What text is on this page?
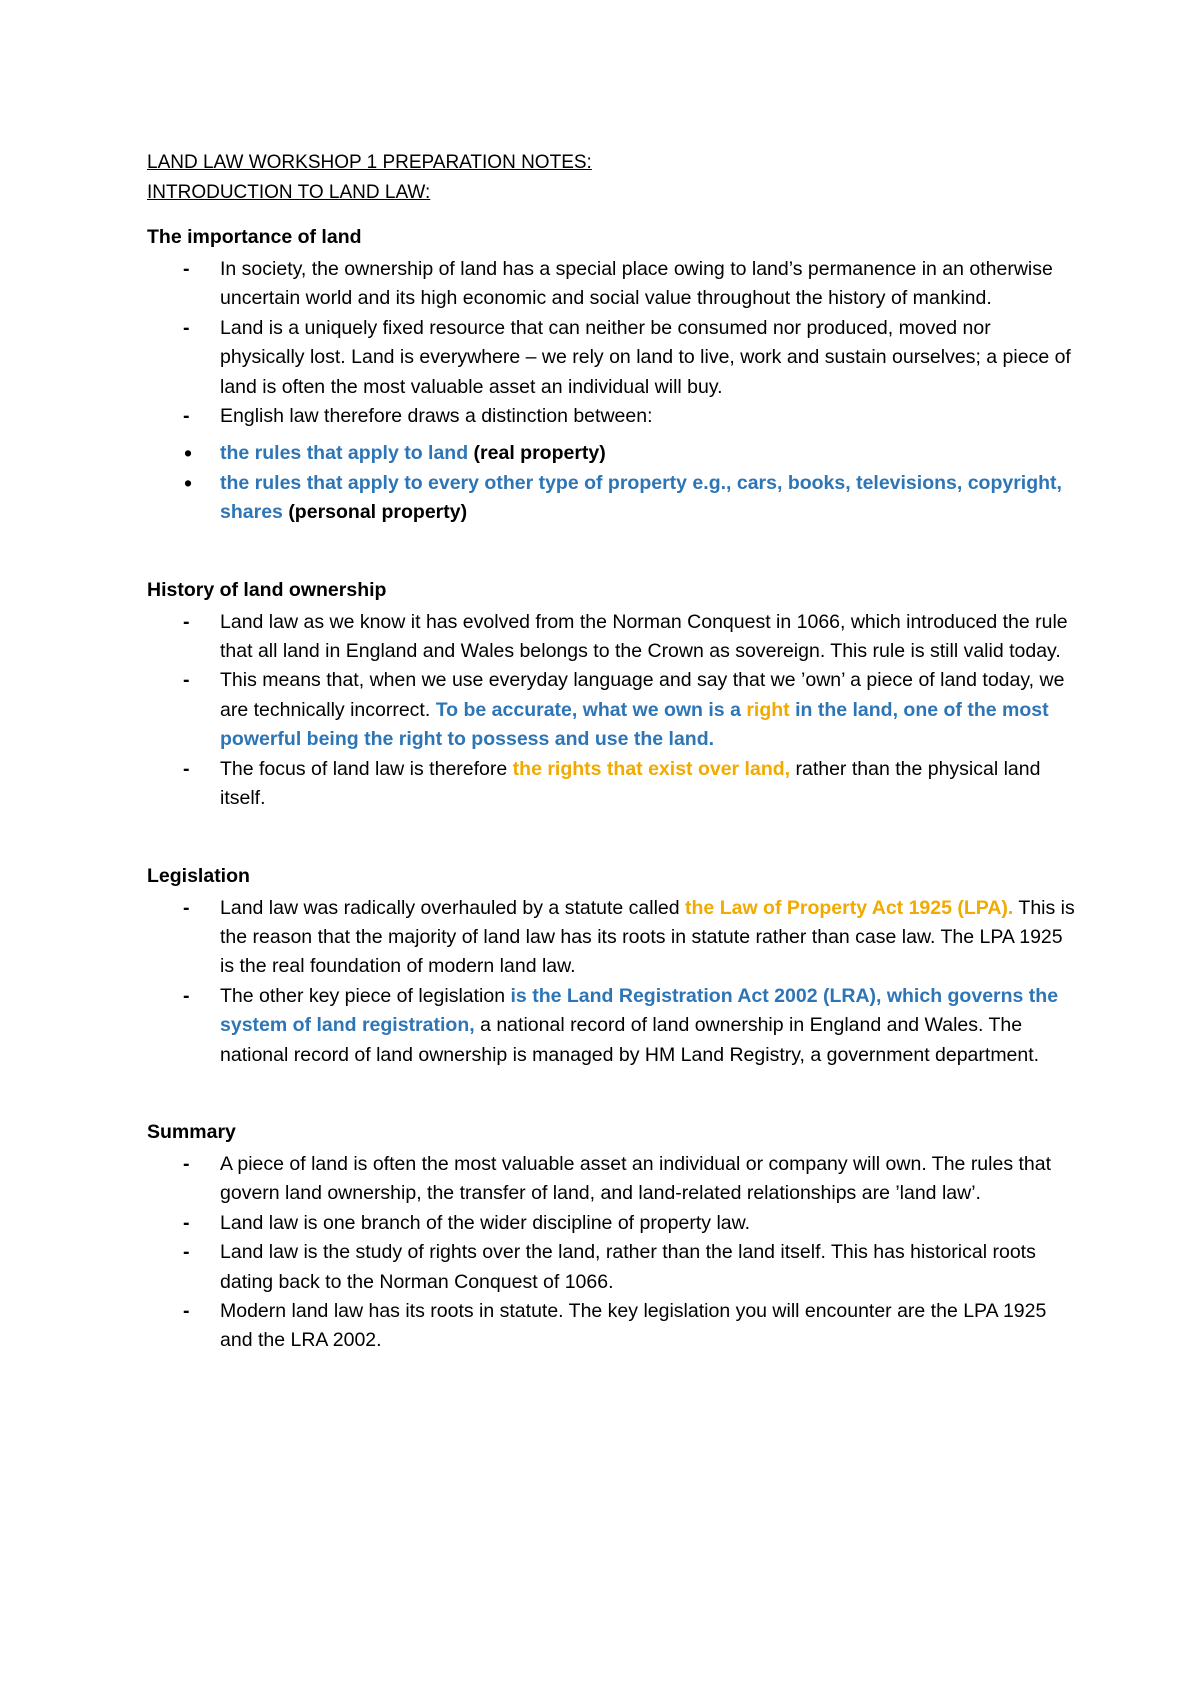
LAND LAW WORKSHOP 1 PREPARATION NOTES:
INTRODUCTION TO LAND LAW:
The importance of land
- In society, the ownership of land has a special place owing to land’s permanence in an otherwise uncertain world and its high economic and social value throughout the history of mankind.
- Land is a uniquely fixed resource that can neither be consumed nor produced, moved nor physically lost. Land is everywhere – we rely on land to live, work and sustain ourselves; a piece of land is often the most valuable asset an individual will buy.
- English law therefore draws a distinction between:
• the rules that apply to land (real property)
• the rules that apply to every other type of property e.g., cars, books, televisions, copyright, shares (personal property)
History of land ownership
- Land law as we know it has evolved from the Norman Conquest in 1066, which introduced the rule that all land in England and Wales belongs to the Crown as sovereign. This rule is still valid today.
- This means that, when we use everyday language and say that we ’own’ a piece of land today, we are technically incorrect. To be accurate, what we own is a right in the land, one of the most powerful being the right to possess and use the land.
- The focus of land law is therefore the rights that exist over land, rather than the physical land itself.
Legislation
- Land law was radically overhauled by a statute called the Law of Property Act 1925 (LPA). This is the reason that the majority of land law has its roots in statute rather than case law. The LPA 1925 is the real foundation of modern land law.
- The other key piece of legislation is the Land Registration Act 2002 (LRA), which governs the system of land registration, a national record of land ownership in England and Wales. The national record of land ownership is managed by HM Land Registry, a government department.
Summary
- A piece of land is often the most valuable asset an individual or company will own. The rules that govern land ownership, the transfer of land, and land-related relationships are ’land law’.
- Land law is one branch of the wider discipline of property law.
- Land law is the study of rights over the land, rather than the land itself. This has historical roots dating back to the Norman Conquest of 1066.
- Modern land law has its roots in statute. The key legislation you will encounter are the LPA 1925 and the LRA 2002.
